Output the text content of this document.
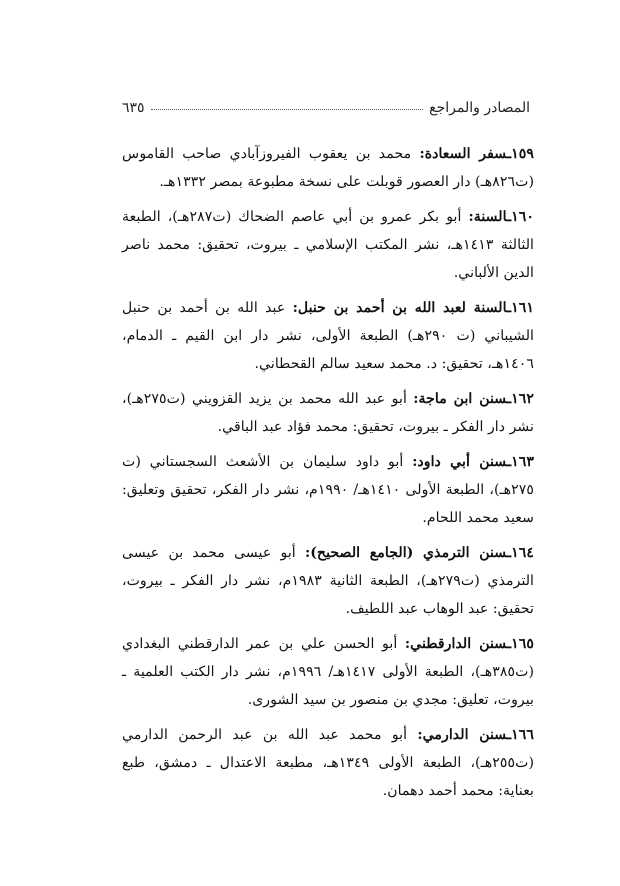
المصادر والمراجع
٦٣٥

١٥٩ـسفر السعادة: محمد بن يعقوب الفيروزآبادي صاحب القاموس (ت٨٢٦هـ) دار العصور قوبلت على نسخة مطبوعة بمصر ١٣٣٢هـ.

١٦٠ـالسنة: أبو بكر عمرو بن أبي عاصم الضحاك (ت٢٨٧هـ)، الطبعة الثالثة ١٤١٣هـ، نشر المكتب الإسلامي ـ بيروت، تحقيق: محمد ناصر الدين الألباني.

١٦١ـالسنة لعبد الله بن أحمد بن حنبل: عبد الله بن أحمد بن حنبل الشيباني (ت ٢٩٠هـ) الطبعة الأولى، نشر دار ابن القيم ـ الدمام، ١٤٠٦هـ، تحقيق: د. محمد سعيد سالم القحطاني.

١٦٢ـسنن ابن ماجة: أبو عبد الله محمد بن يزيد القزويني (ت٢٧٥هـ)، نشر دار الفكر ـ بيروت، تحقيق: محمد فؤاد عبد الباقي.

١٦٣ـسنن أبي داود: أبو داود سليمان بن الأشعث السجستاني (ت ٢٧٥هـ)، الطبعة الأولى ١٤١٠هـ/ ١٩٩٠م، نشر دار الفكر، تحقيق وتعليق: سعيد محمد اللحام.

١٦٤ـسنن الترمذي (الجامع الصحيح): أبو عيسى محمد بن عيسى الترمذي (ت٢٧٩هـ)، الطبعة الثانية ١٩٨٣م، نشر دار الفكر ـ بيروت، تحقيق: عبد الوهاب عبد اللطيف.

١٦٥ـسنن الدارقطني: أبو الحسن علي بن عمر الدارقطني البغدادي (ت٣٨٥هـ)، الطبعة الأولى ١٤١٧هـ/ ١٩٩٦م، نشر دار الكتب العلمية ـ بيروت، تعليق: مجدي بن منصور بن سيد الشورى.

١٦٦ـسنن الدارمي: أبو محمد عبد الله بن عبد الرحمن الدارمي (ت٢٥٥هـ)، الطبعة الأولى ١٣٤٩هـ، مطبعة الاعتدال ـ دمشق، طبع بعناية: محمد أحمد دهمان.
